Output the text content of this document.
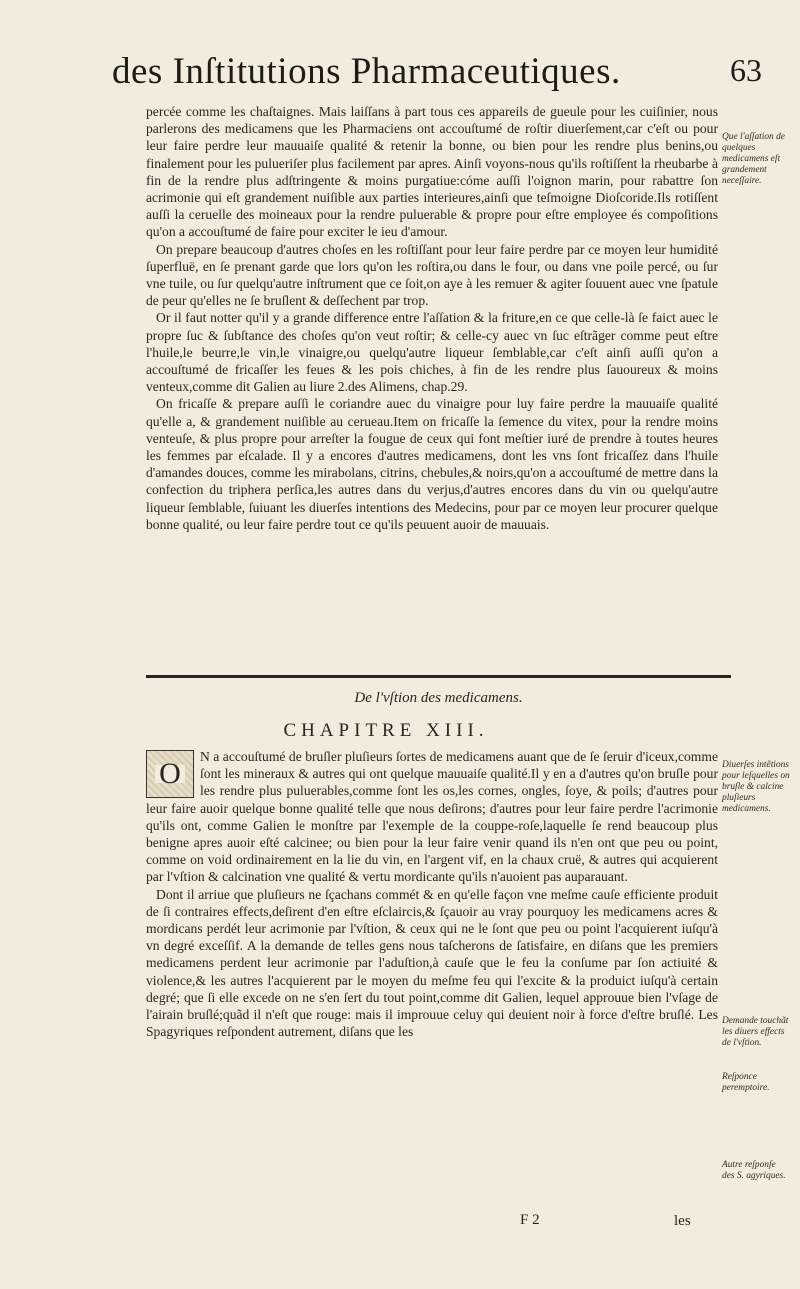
des Inſtitutions Pharmaceutiques.	63

percée comme les chaſtaignes. Mais laiſſans à part tous ces appareils de gueule pour les cuiſinier, nous parlerons des medicamens que les Pharmaciens ont accouſtumé de roſtir diuerſement,car c'eſt ou pour leur faire perdre leur mauuaiſe qualité & retenir la bonne, ou bien pour les rendre plus benins,ou finalement pour les pulueriſer plus facilement par apres. Ainſi voyons-nous qu'ils roſtiſſent la rheubarbe à fin de la rendre plus adſtringente & moins purgatiue:cóme auſſi l'oignon marin, pour rabattre ſon acrimonie qui eſt grandement nuiſible aux parties interieures,ainſi que teſmoigne Dioſcoride.Ils rotiſſent auſſi la ceruelle des moineaux pour la rendre puluerable & propre pour eſtre employee és compoſitions qu'on a accouſtumé de faire pour exciter le ieu d'amour.

On prepare beaucoup d'autres choſes en les roſtiſſant pour leur faire perdre par ce moyen leur humidité ſuperfluë, en ſe prenant garde que lors qu'on les roſtira,ou dans le four, ou dans vne poile percé, ou ſur vne tuile, ou ſur quelqu'autre inſtrument que ce ſoit,on aye à les remuer & agiter ſouuent auec vne ſpatule de peur qu'elles ne ſe bruſlent & deſſechent par trop.

Or il faut notter qu'il y a grande differencе entre l'aſſation & la friture,en ce que celle-là ſe faict auec le propre ſuc & ſubſtance des choſes qu'on veut roſtir; & celle-cy auec vn ſuc eſtrãger comme peut eſtre l'huile,le beurre,le vin,le vinaigre,ou quelqu'autre liqueur ſemblable,car c'eſt ainſi auſſi qu'on a accouſtumé de fricaſſer les feues & les pois chiches, à fin de les rendre plus ſauoureux & moins venteux,comme dit Galien au liure 2.des Alimens, chap.29.

On fricaſſe & prepare auſſi le coriandre auec du vinaigre pour luy faire perdre la mauuaiſe qualité qu'elle a, & grandement nuiſible au cerueau.Item on fricaſſe la ſemence du vitex, pour la rendre moins venteuſe, & plus propre pour arreſter la fougue de ceux qui font meſtier iuré de prendre à toutes heures les femmes par eſcalade. Il y a encores d'autres medicamens, dont les vns ſont fricaſſez dans l'huile d'amandes douces, comme les mirabolans, citrins, chebules,& noirs,qu'on a accouſtumé de mettre dans la confection du triphera perſica,les autres dans du verjus,d'autres encores dans du vin ou quelqu'autre liqueur ſemblable, ſuiuant les diuerſes intentions des Medecins, pour par ce moyen leur procurer quelque bonne qualité, ou leur faire perdre tout ce qu'ils peuuent auoir de mauuais.

De l'vſtion des medicamens.
CHAPITRE XIII.
O

N a accouſtumé de bruſler pluſieurs ſortes de medicamens auant que de ſe ſeruir d'iceux,comme ſont les mineraux & autres qui ont quelque mauuaiſe qualité.Il y en a d'autres qu'on bruſle pour les rendre plus puluerables,comme ſont les os,les cornes, ongles, ſoye, & poils; d'autres pour leur faire auoir quelque bonne qualité telle que nous deſirons; d'autres pour leur faire perdre l'acrimonie qu'ils ont, comme Galien le monſtre par l'exemple de la couppe-roſe,laquelle ſe rend beaucoup plus benigne apres auoir eſté calcinee; ou bien pour la leur faire venir quand ils n'en ont que peu ou point, comme on void ordinairement en la lie du vin, en l'argent vif, en la chaux cruë, & autres qui acquierent par l'vſtion & calcination vne qualité & vertu mordicante qu'ils n'auoient pas auparauant.

Dont il arriue que pluſieurs ne ſçachans commét & en qu'elle façon vne meſme cauſe efficiente produit de ſi contraires effects,deſirent d'en eſtre eſclaircis,& ſçauoir au vray pourquoy les medicamens acres & mordicans perdét leur acrimonie par l'vſtion, & ceux qui ne le ſont que peu ou point l'acquierent iuſqu'à vn degré exceſſif. A la demande de telles gens nous taſcherons de ſatisfaire, en diſans que les premiers medicamens perdent leur acrimonie par l'aduſtion,à cauſe que le feu la conſume par ſon actiuité & violence,& les autres l'acquierent par le moyen du meſme feu qui l'excite & la produict iuſqu'à certain degré; que ſi elle excede on ne s'en ſert du tout point,comme dit Galien, lequel approuue bien l'vſage de l'airain bruſlé;quãd il n'eſt que rouge: mais il improuue celuy qui deuient noir à force d'eſtre bruſlé. Les Spagyriques reſpondent autrement, diſans que les

Que l'aſſation de quelques medicamens eſt grandement neceſſaire.
Diuerſes intẽtions pour leſquelles on bruſle & calcine pluſieurs medicamens.
Demande touchãt les diuers effects de l'vſtion.
Reſponce peremptoire.
Autre reſponſe des S. agyriques.
F 2	les
